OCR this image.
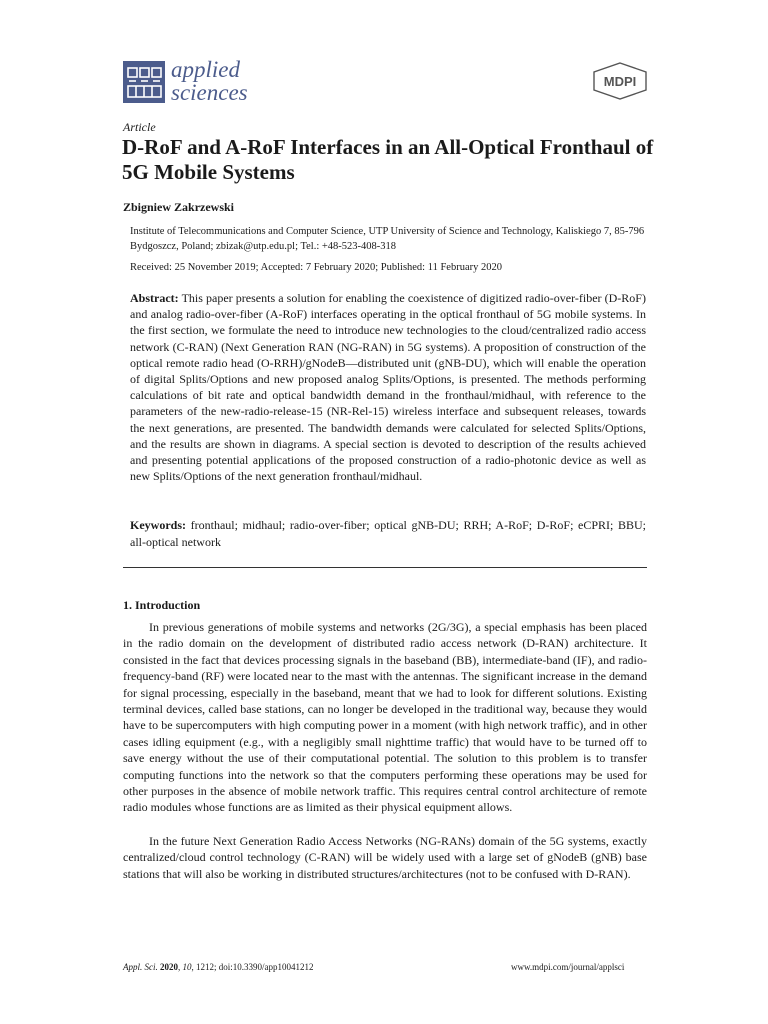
applied
sciences	MDPI
Article
D-RoF and A-RoF Interfaces in an All-Optical Fronthaul of 5G Mobile Systems
Zbigniew Zakrzewski
Institute of Telecommunications and Computer Science, UTP University of Science and Technology, Kaliskiego 7, 85-796 Bydgoszcz, Poland; zbizak@utp.edu.pl; Tel.: +48-523-408-318
Received: 25 November 2019; Accepted: 7 February 2020; Published: 11 February 2020

Abstract: This paper presents a solution for enabling the coexistence of digitized radio-over-fiber (D-RoF) and analog radio-over-fiber (A-RoF) interfaces operating in the optical fronthaul of 5G mobile systems. In the first section, we formulate the need to introduce new technologies to the cloud/centralized radio access network (C-RAN) (Next Generation RAN (NG-RAN) in 5G systems). A proposition of construction of the optical remote radio head (O-RRH)/gNodeB—distributed unit (gNB-DU), which will enable the operation of digital Splits/Options and new proposed analog Splits/Options, is presented. The methods performing calculations of bit rate and optical bandwidth demand in the fronthaul/midhaul, with reference to the parameters of the new-radio-release-15 (NR-Rel-15) wireless interface and subsequent releases, towards the next generations, are presented. The bandwidth demands were calculated for selected Splits/Options, and the results are shown in diagrams. A special section is devoted to description of the results achieved and presenting potential applications of the proposed construction of a radio-photonic device as well as new Splits/Options of the next generation fronthaul/midhaul.

Keywords: fronthaul; midhaul; radio-over-fiber; optical gNB-DU; RRH; A-RoF; D-RoF; eCPRI; BBU; all-optical network

1. Introduction

In previous generations of mobile systems and networks (2G/3G), a special emphasis has been placed in the radio domain on the development of distributed radio access network (D-RAN) architecture. It consisted in the fact that devices processing signals in the baseband (BB), intermediate-band (IF), and radio-frequency-band (RF) were located near to the mast with the antennas. The significant increase in the demand for signal processing, especially in the baseband, meant that we had to look for different solutions. Existing terminal devices, called base stations, can no longer be developed in the traditional way, because they would have to be supercomputers with high computing power in a moment (with high network traffic), and in other cases idling equipment (e.g., with a negligibly small nighttime traffic) that would have to be turned off to save energy without the use of their computational potential. The solution to this problem is to transfer computing functions into the network so that the computers performing these operations may be used for other purposes in the absence of mobile network traffic. This requires central control architecture of remote radio modules whose functions are as limited as their physical equipment allows.

In the future Next Generation Radio Access Networks (NG-RANs) domain of the 5G systems, exactly centralized/cloud control technology (C-RAN) will be widely used with a large set of gNodeB (gNB) base stations that will also be working in distributed structures/architectures (not to be confused with D-RAN).

Appl. Sci. 2020, 10, 1212; doi:10.3390/app10041212	www.mdpi.com/journal/applsci
